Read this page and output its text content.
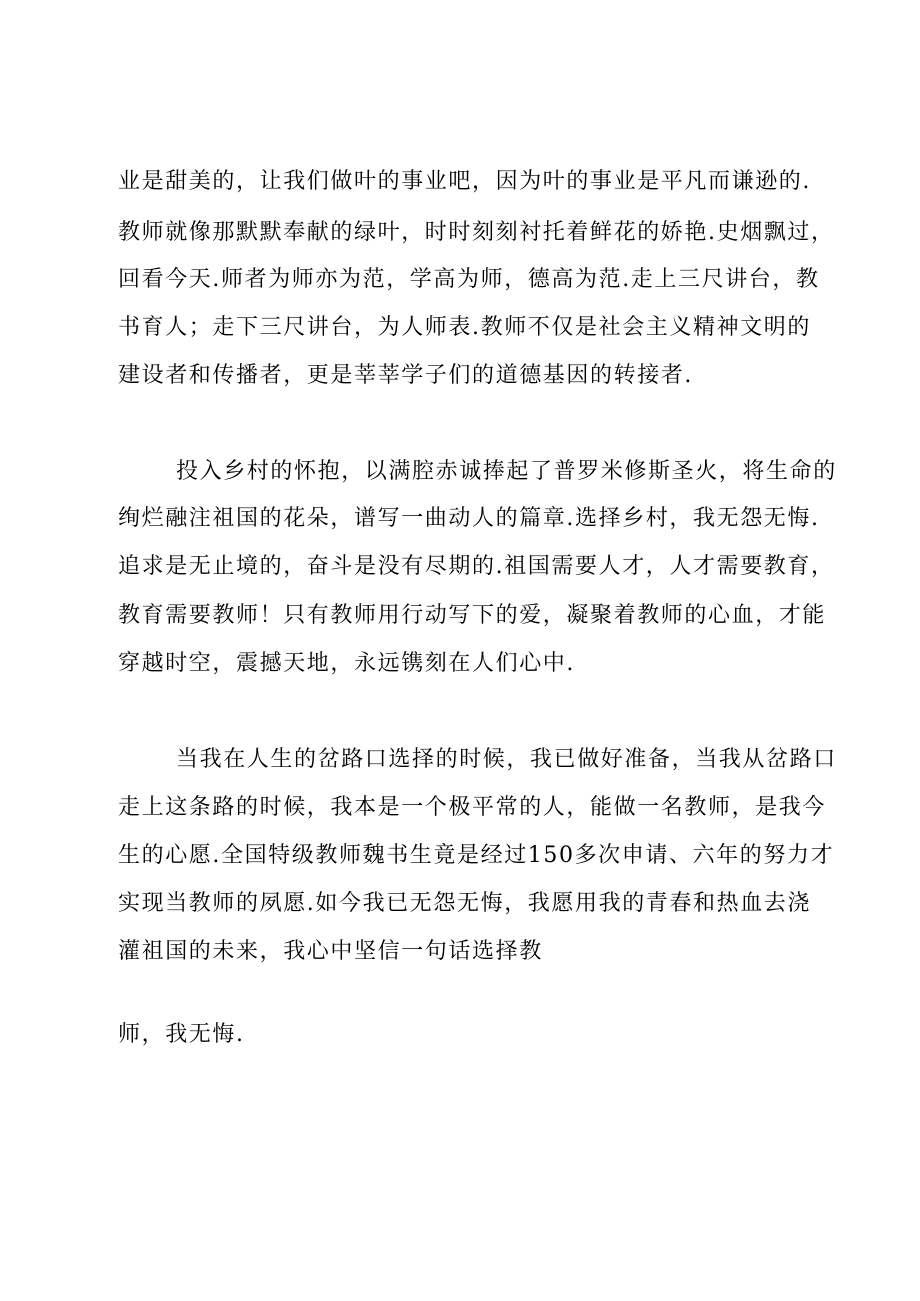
业是甜美的，让我们做叶的事业吧，因为叶的事业是平凡而谦逊的.
教师就像那默默奉献的绿叶，时时刻刻衬托着鲜花的娇艳.史烟飘过，
回看今天.师者为师亦为范，学高为师，德高为范.走上三尺讲台，教
书育人；走下三尺讲台，为人师表.教师不仅是社会主义精神文明的
建设者和传播者，更是莘莘学子们的道德基因的转接者.
投入乡村的怀抱，以满腔赤诚捧起了普罗米修斯圣火，将生命的
绚烂融注祖国的花朵，谱写一曲动人的篇章.选择乡村，我无怨无悔.
追求是无止境的，奋斗是没有尽期的.祖国需要人才，人才需要教育，
教育需要教师！只有教师用行动写下的爱，凝聚着教师的心血，才能
穿越时空，震撼天地，永远镌刻在人们心中.
当我在人生的岔路口选择的时候，我已做好准备，当我从岔路口
走上这条路的时候，我本是一个极平常的人，能做一名教师，是我今
生的心愿.全国特级教师魏书生竟是经过150多次申请、六年的努力才
实现当教师的夙愿.如今我已无怨无悔，我愿用我的青春和热血去浇
灌祖国的未来，我心中坚信一句话选择教
师，我无悔.
